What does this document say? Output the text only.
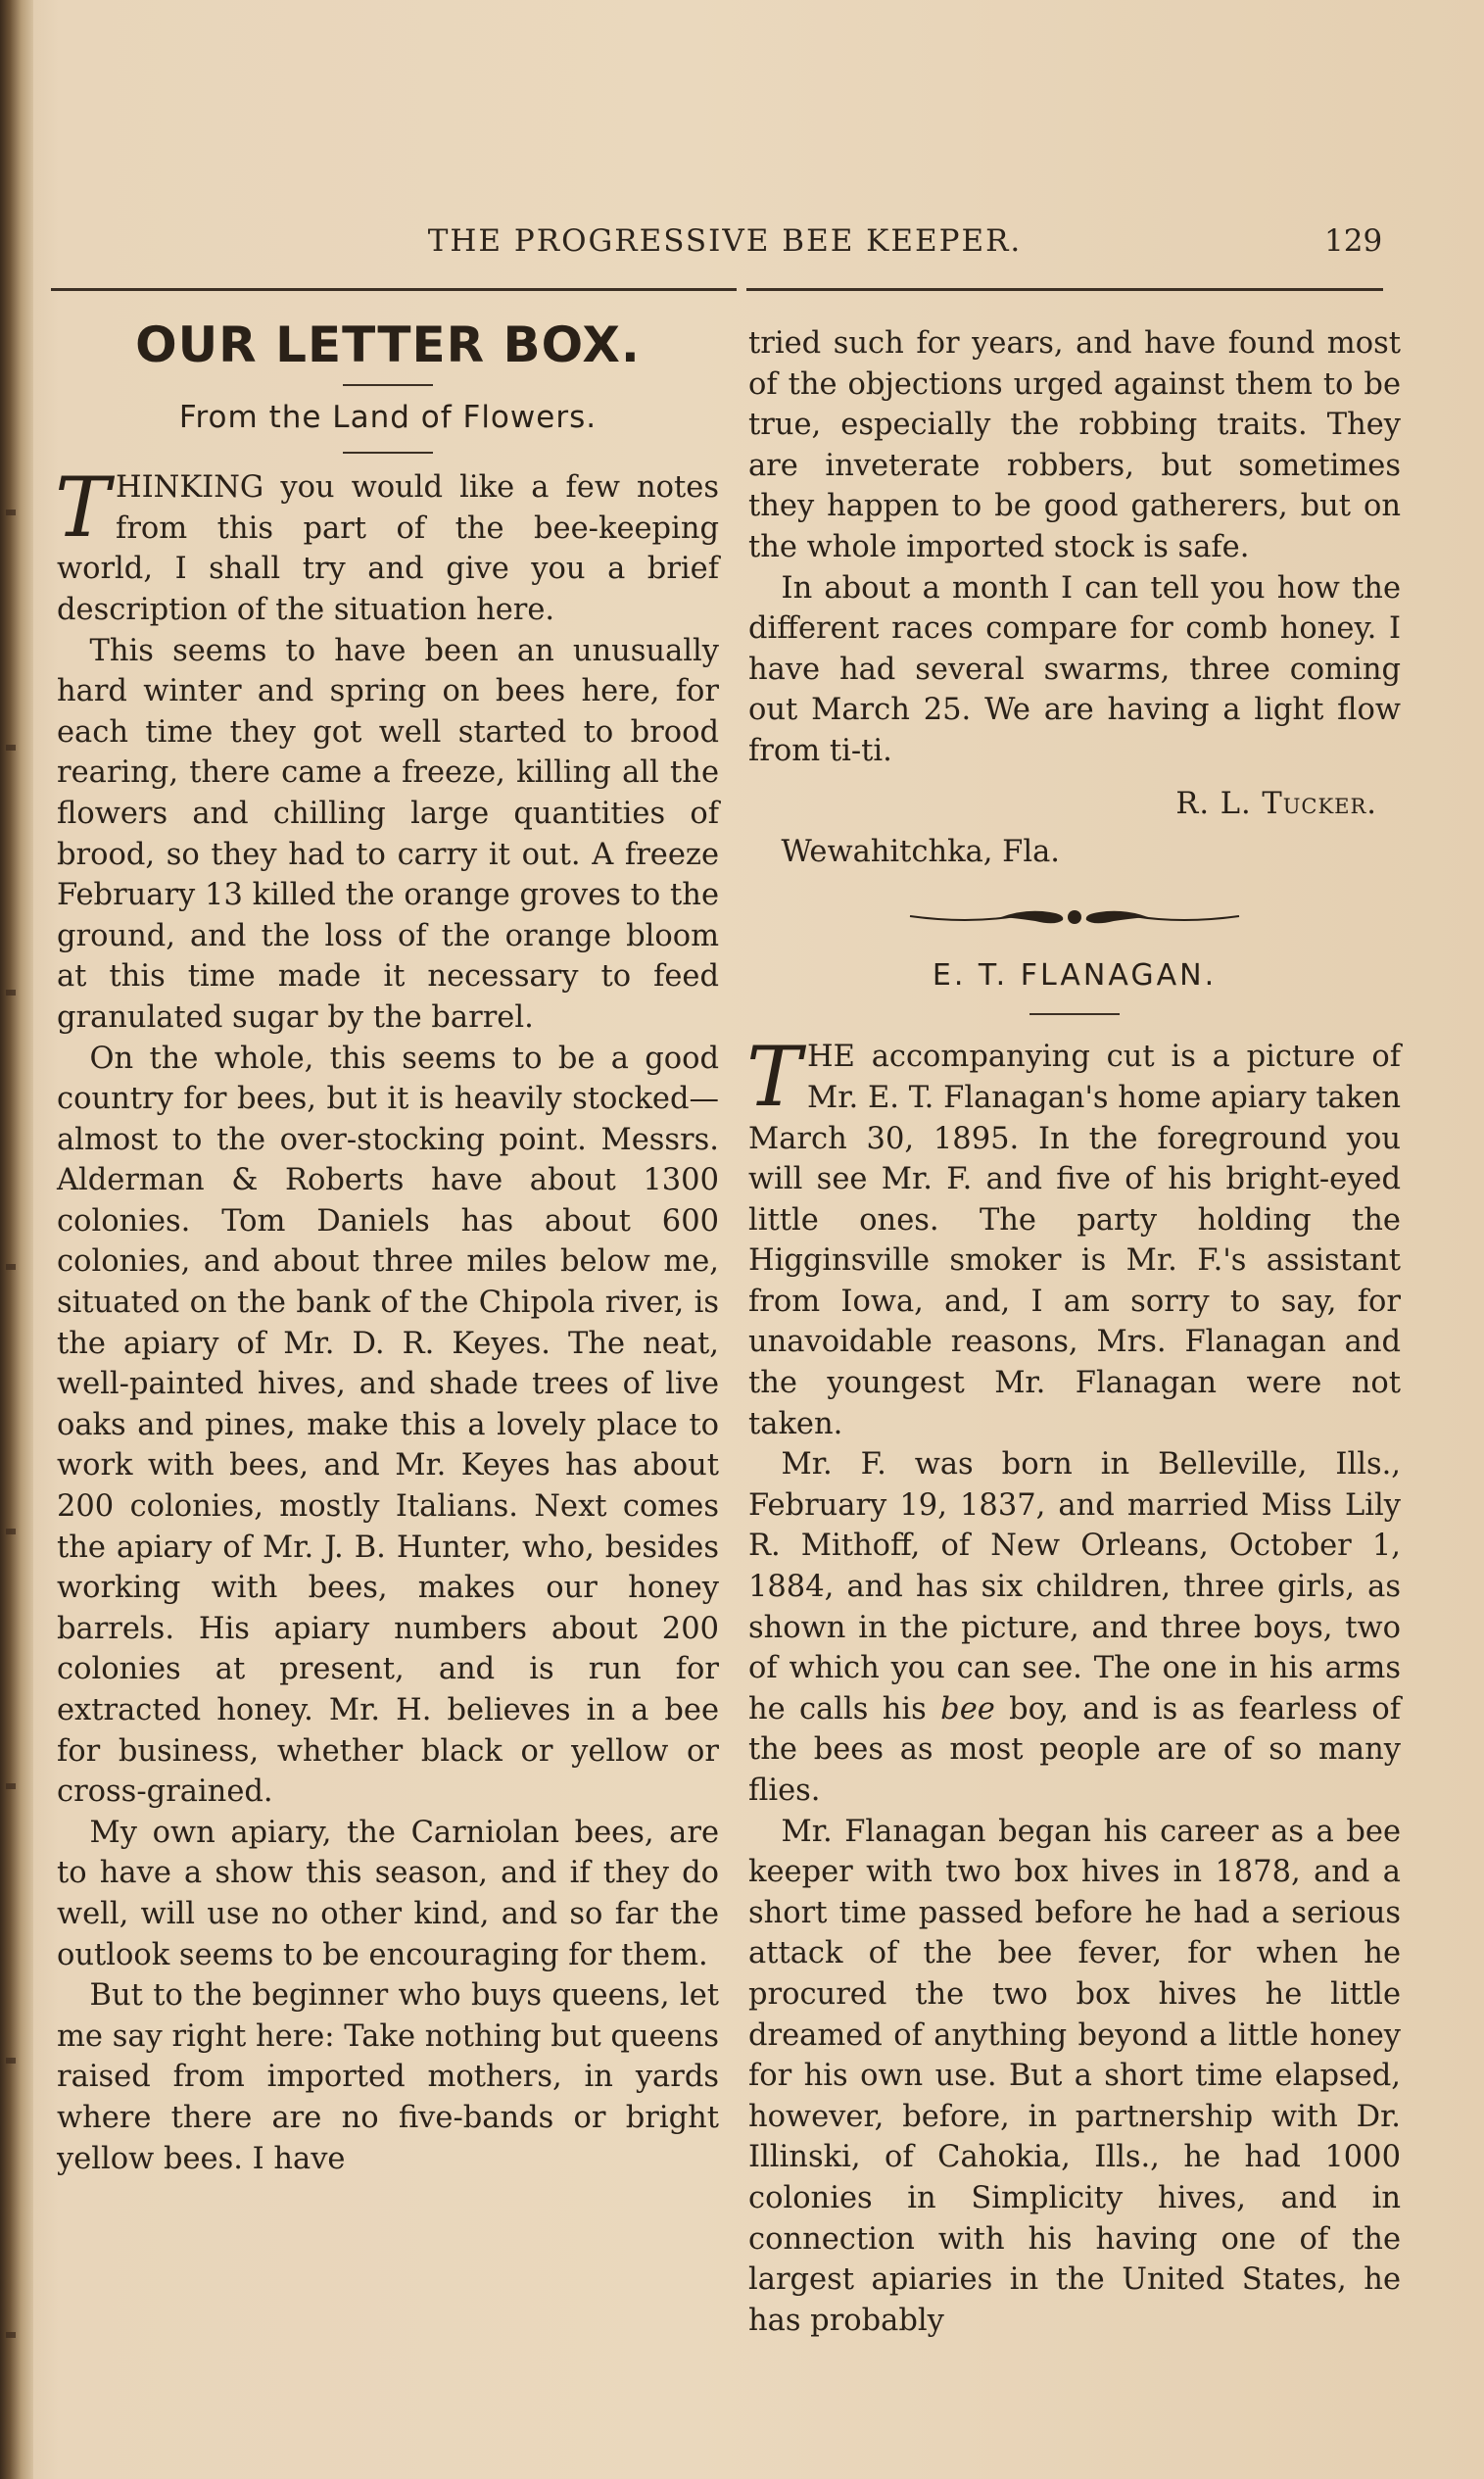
THE PROGRESSIVE BEE KEEPER.	129
OUR LETTER BOX.
From the Land of Flowers.

THINKING you would like a few notes from this part of the bee-keeping world, I shall try and give you a brief description of the situation here.

This seems to have been an unusually hard winter and spring on bees here, for each time they got well started to brood rearing, there came a freeze, killing all the flowers and chilling large quantities of brood, so they had to carry it out. A freeze February 13 killed the orange groves to the ground, and the loss of the orange bloom at this time made it necessary to feed granulated sugar by the barrel.

On the whole, this seems to be a good country for bees, but it is heavily stocked—almost to the over-stocking point. Messrs. Alderman & Roberts have about 1300 colonies. Tom Daniels has about 600 colonies, and about three miles below me, situated on the bank of the Chipola river, is the apiary of Mr. D. R. Keyes. The neat, well-painted hives, and shade trees of live oaks and pines, make this a lovely place to work with bees, and Mr. Keyes has about 200 colonies, mostly Italians. Next comes the apiary of Mr. J. B. Hunter, who, besides working with bees, makes our honey barrels. His apiary numbers about 200 colonies at present, and is run for extracted honey. Mr. H. believes in a bee for business, whether black or yellow or cross-grained.

My own apiary, the Carniolan bees, are to have a show this season, and if they do well, will use no other kind, and so far the outlook seems to be encouraging for them.

But to the beginner who buys queens, let me say right here: Take nothing but queens raised from imported mothers, in yards where there are no five-bands or bright yellow bees. I have

tried such for years, and have found most of the objections urged against them to be true, especially the robbing traits. They are inveterate robbers, but sometimes they happen to be good gatherers, but on the whole imported stock is safe.

In about a month I can tell you how the different races compare for comb honey. I have had several swarms, three coming out March 25. We are having a light flow from ti-ti.

R. L. Tucker.
Wewahitchka, Fla.
E. T. FLANAGAN.

THE accompanying cut is a picture of Mr. E. T. Flanagan's home apiary taken March 30, 1895. In the foreground you will see Mr. F. and five of his bright-eyed little ones. The party holding the Higginsville smoker is Mr. F.'s assistant from Iowa, and, I am sorry to say, for unavoidable reasons, Mrs. Flanagan and the youngest Mr. Flanagan were not taken.

Mr. F. was born in Belleville, Ills., February 19, 1837, and married Miss Lily R. Mithoff, of New Orleans, October 1, 1884, and has six children, three girls, as shown in the picture, and three boys, two of which you can see. The one in his arms he calls his bee boy, and is as fearless of the bees as most people are of so many flies.

Mr. Flanagan began his career as a bee keeper with two box hives in 1878, and a short time passed before he had a serious attack of the bee fever, for when he procured the two box hives he little dreamed of anything beyond a little honey for his own use. But a short time elapsed, however, before, in partnership with Dr. Illinski, of Cahokia, Ills., he had 1000 colonies in Simplicity hives, and in connection with his having one of the largest apiaries in the United States, he has probably
